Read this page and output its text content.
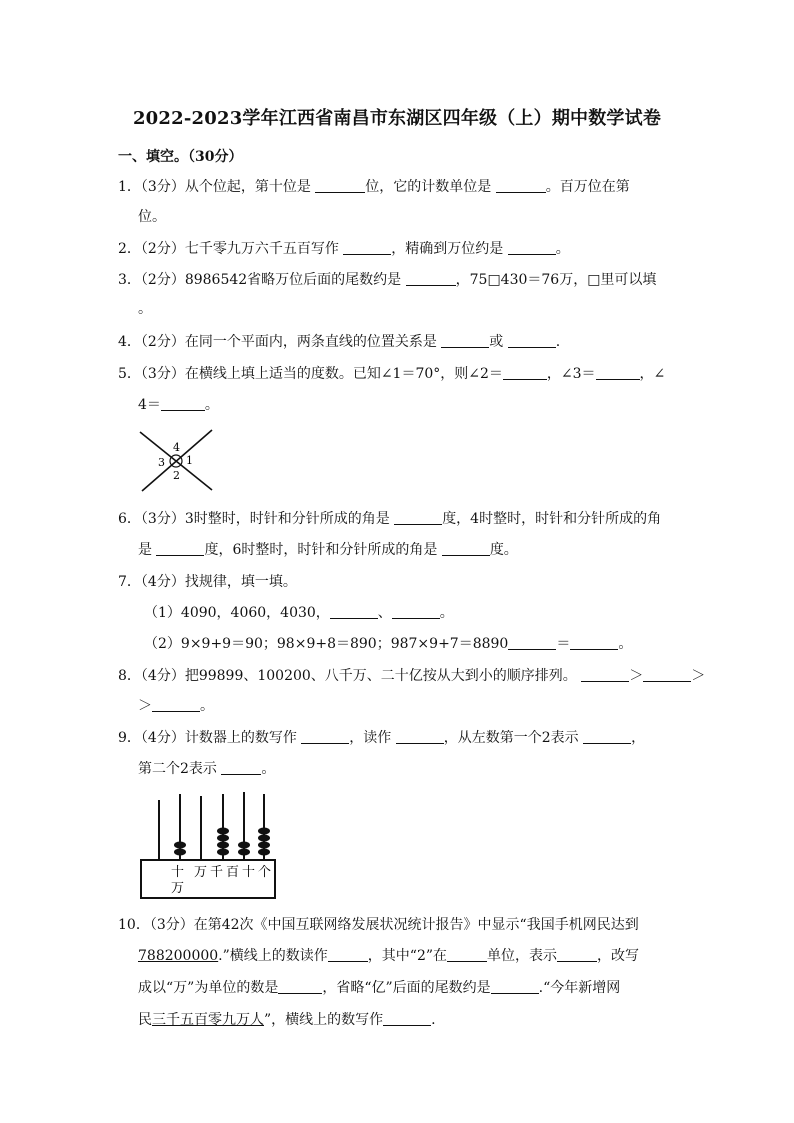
2022-2023学年江西省南昌市东湖区四年级（上）期中数学试卷
一、填空。（30分）
1．（3分）从个位起，第十位是	位，它的计数单位是	。百万位在第
位。
2．（2分）七千零九万六千五百写作	，精确到万位约是	。
3．（2分）8986542省略万位后面的尾数约是	，75□430＝76万，□里可以填
。
4．（2分）在同一个平面内，两条直线的位置关系是	或	.
5．（3分）在横线上填上适当的度数。已知∠1＝70°，则∠2＝	，∠3＝	，∠
4＝	。
4
3 1
2
6．（3分）3时整时，时针和分针所成的角是	度，4时整时，时针和分针所成的角
是	度，6时整时，时针和分针所成的角是	度。
7．（4分）找规律，填一填。
（1）4090，4060，4030，	、	。
（2）9×9+9＝90；98×9+8＝890；987×9+7＝8890	＝	。
8．（4分）把99899、100200、八千万、二十亿按从大到小的顺序排列。	＞	＞
＞	。
9．（4分）计数器上的数写作	，读作	，从左数第一个2表示	，
第二个2表示	。
十
万
万 千 百 十 个
10．（3分）在第42次《中国互联网络发展状况统计报告》中显示“我国手机网民达到
788200000.”横线上的数读作	，其中“2”在	单位，表示	，改写
成以“万”为单位的数是	，省略“亿”后面的尾数约是	.“今年新增网
民三千五百零九万人”，横线上的数写作	.
